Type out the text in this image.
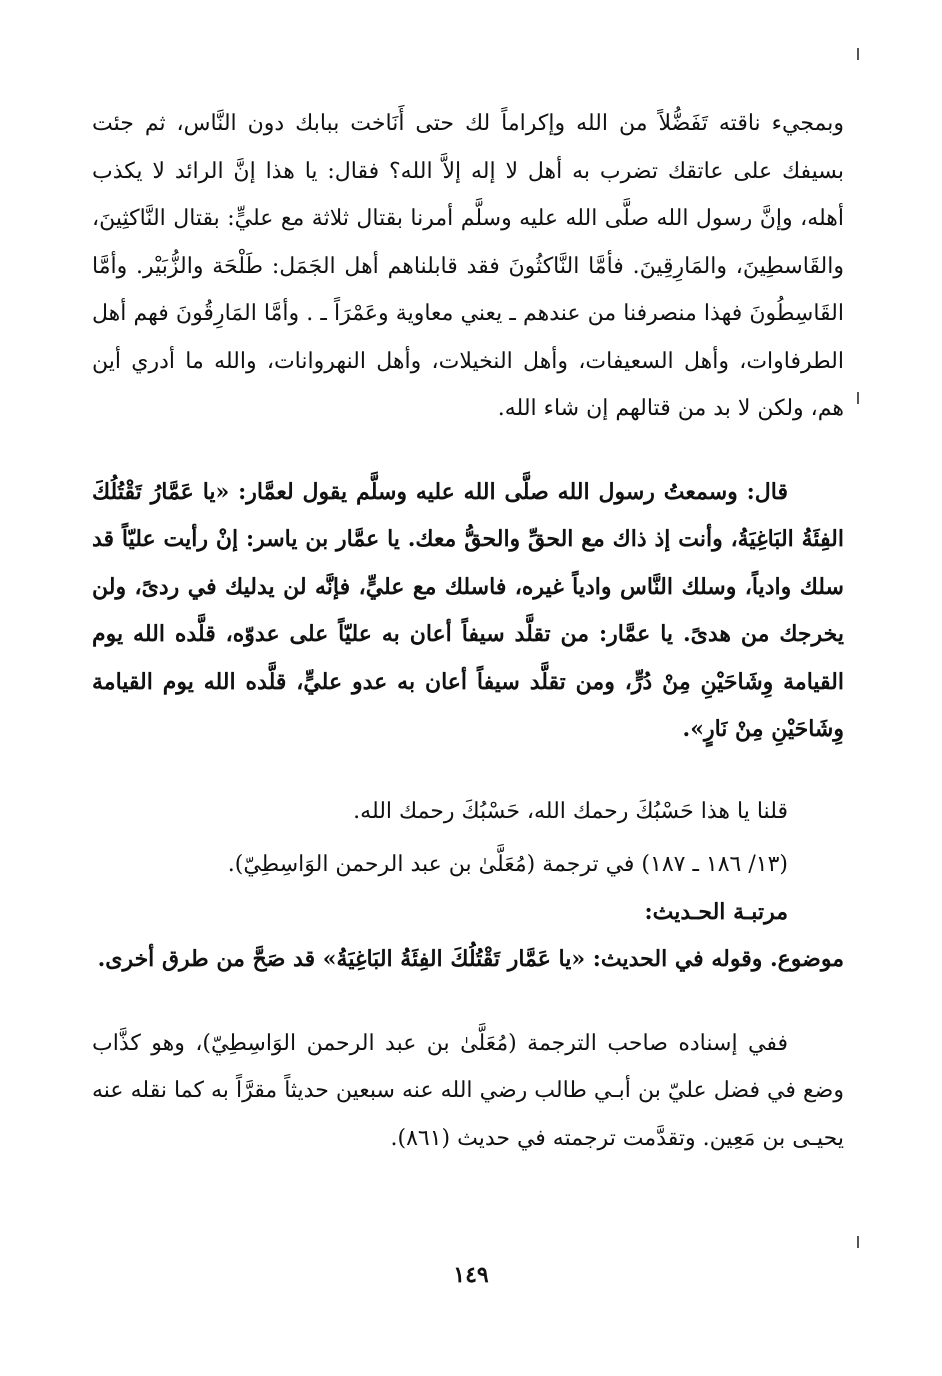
وبمجيء ناقته تَفَضُّلاً من الله وإكراماً لك حتى أَنَاخت ببابك دون النَّاس، ثم جئت بسيفك على عاتقك تضرب به أهل لا إله إلاَّ الله؟ فقال: يا هذا إنَّ الرائد لا يكذب أهله، وإنَّ رسول الله صلَّى الله عليه وسلَّم أمرنا بقتال ثلاثة مع عليٍّ: بقتال النَّاكثِينَ، والقَاسطِينَ، والمَارِقِينَ. فأمَّا النَّاكثُونَ فقد قابلناهم أهل الجَمَل: طَلْحَة والزُّبَيْر. وأمَّا القَاسِطُونَ فهذا منصرفنا من عندهم ـ يعني معاوية وعَمْرَاً ـ . وأمَّا المَارِقُونَ فهم أهل الطرفاوات، وأهل السعيفات، وأهل النخيلات، وأهل النهروانات، والله ما أدري أين هم، ولكن لا بد من قتالهم إن شاء الله.

قال: وسمعتُ رسول الله صلَّى الله عليه وسلَّم يقول لعمَّار: «يا عَمَّارُ تَقْتُلُكَ الفِئَةُ البَاغِيَةُ، وأنت إذ ذاك مع الحقِّ والحقُّ معك. يا عمَّار بن ياسر: إنْ رأيت عليّاً قد سلك وادياً، وسلك النَّاس وادياً غيره، فاسلك مع عليٍّ، فإنَّه لن يدليك في ردىً، ولن يخرجك من هدىً. يا عمَّار: من تقلَّد سيفاً أعان به عليّاً على عدوّه، قلَّده الله يوم القيامة وِشَاحَيْنِ مِنْ دُرٍّ، ومن تقلَّد سيفاً أعان به عدو عليٍّ، قلَّده الله يوم القيامة وِشَاحَيْنِ مِنْ نَارٍ».

قلنا يا هذا حَسْبُكَ رحمك الله، حَسْبُكَ رحمك الله.

(١٣/ ١٨٦ ـ ١٨٧) في ترجمة (مُعَلَّىٰ بن عبد الرحمن الوَاسِطِيّ).

مرتبـة الحـديث:

موضوع. وقوله في الحديث: «يا عَمَّار تَقْتُلُكَ الفِئَةُ البَاغِيَةُ» قد صَحَّ من طرق أخرى.

ففي إسناده صاحب الترجمة (مُعَلَّىٰ بن عبد الرحمن الوَاسِطِيّ)، وهو كذَّاب وضع في فضل عليّ بن أبـي طالب رضي الله عنه سبعين حديثاً مقرَّاً به كما نقله عنه يحيـى بن مَعِين. وتقدَّمت ترجمته في حديث (٨٦١).

١٤٩
